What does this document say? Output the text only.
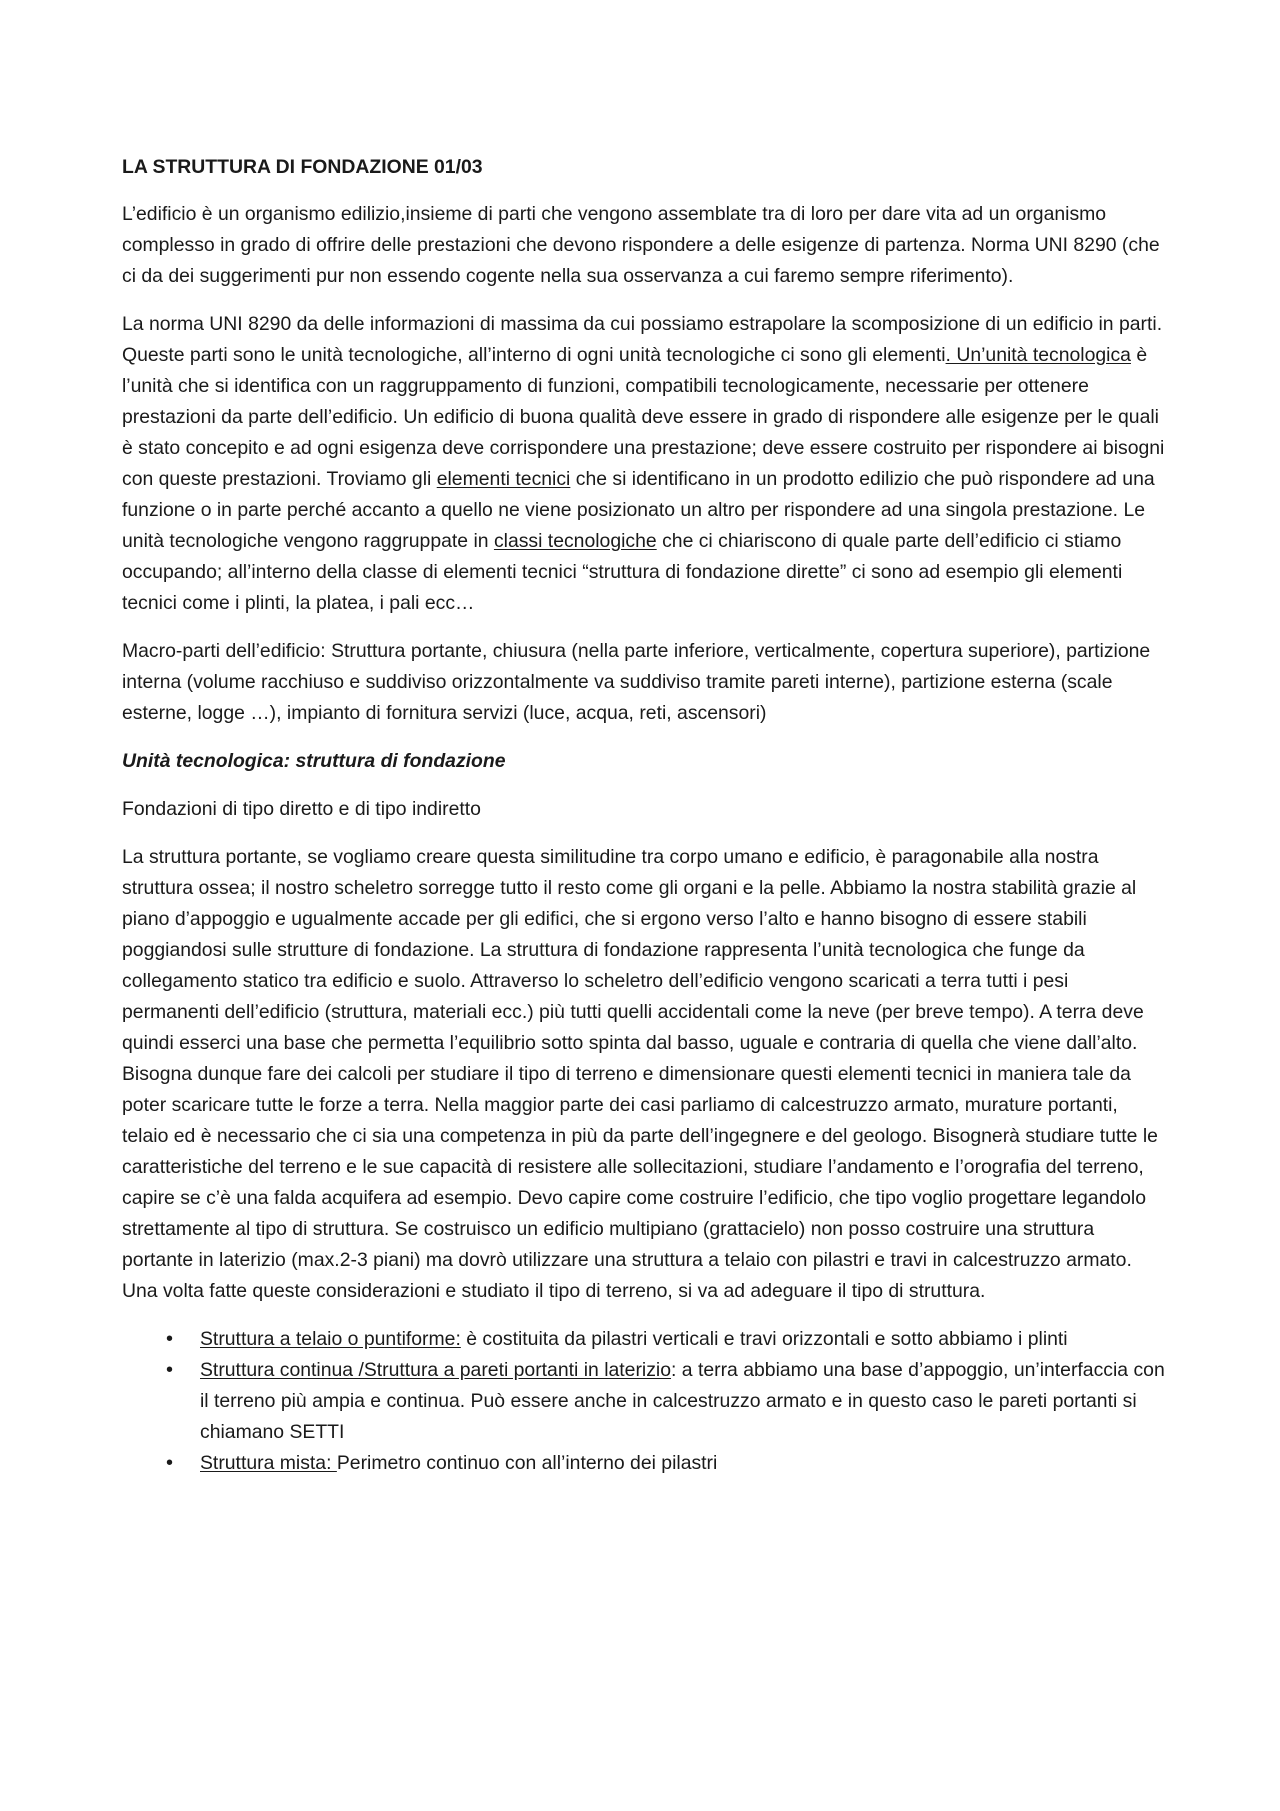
LA STRUTTURA DI FONDAZIONE 01/03

L’edificio è un organismo edilizio,insieme di parti che vengono assemblate tra di loro per dare vita ad un organismo complesso in grado di offrire delle prestazioni che devono rispondere a delle esigenze di partenza. Norma UNI 8290 (che ci da dei suggerimenti pur non essendo cogente nella sua osservanza a cui faremo sempre riferimento).

La norma UNI 8290 da delle informazioni di massima da cui possiamo estrapolare la scomposizione di un edificio in parti. Queste parti sono le unità tecnologiche, all’interno di ogni unità tecnologiche ci sono gli elementi. Un’unità tecnologica è l’unità che si identifica con un raggruppamento di funzioni, compatibili tecnologicamente, necessarie per ottenere prestazioni da parte dell’edificio. Un edificio di buona qualità deve essere in grado di rispondere alle esigenze per le quali è stato concepito e ad ogni esigenza deve corrispondere una prestazione; deve essere costruito per rispondere ai bisogni con queste prestazioni. Troviamo gli elementi tecnici che si identificano in un prodotto edilizio che può rispondere ad una funzione o in parte perché accanto a quello ne viene posizionato un altro per rispondere ad una singola prestazione. Le unità tecnologiche vengono raggruppate in classi tecnologiche che ci chiariscono di quale parte dell’edificio ci stiamo occupando; all’interno della classe di elementi tecnici “struttura di fondazione dirette” ci sono ad esempio gli elementi tecnici come i plinti, la platea, i pali ecc…

Macro-parti dell’edificio: Struttura portante, chiusura (nella parte inferiore, verticalmente, copertura superiore), partizione interna (volume racchiuso e suddiviso orizzontalmente va suddiviso tramite pareti interne), partizione esterna (scale esterne, logge …), impianto di fornitura servizi (luce, acqua, reti, ascensori)

Unità tecnologica: struttura di fondazione

Fondazioni di tipo diretto e di tipo indiretto

La struttura portante, se vogliamo creare questa similitudine tra corpo umano e edificio, è paragonabile alla nostra struttura ossea; il nostro scheletro sorregge tutto il resto come gli organi e la pelle. Abbiamo la nostra stabilità grazie al piano d’appoggio e ugualmente accade per gli edifici, che si ergono verso l’alto e hanno bisogno di essere stabili poggiandosi sulle strutture di fondazione. La struttura di fondazione rappresenta l’unità tecnologica che funge da collegamento statico tra edificio e suolo. Attraverso lo scheletro dell’edificio vengono scaricati a terra tutti i pesi permanenti dell’edificio (struttura, materiali ecc.) più tutti quelli accidentali come la neve (per breve tempo). A terra deve quindi esserci una base che permetta l’equilibrio sotto spinta dal basso, uguale e contraria di quella che viene dall’alto. Bisogna dunque fare dei calcoli per studiare il tipo di terreno e dimensionare questi elementi tecnici in maniera tale da poter scaricare tutte le forze a terra. Nella maggior parte dei casi parliamo di calcestruzzo armato, murature portanti, telaio ed è necessario che ci sia una competenza in più da parte dell’ingegnere e del geologo. Bisognerà studiare tutte le caratteristiche del terreno e le sue capacità di resistere alle sollecitazioni, studiare l’andamento e l’orografia del terreno, capire se c’è una falda acquifera ad esempio. Devo capire come costruire l’edificio, che tipo voglio progettare legandolo strettamente al tipo di struttura. Se costruisco un edificio multipiano (grattacielo) non posso costruire una struttura portante in laterizio (max.2-3 piani) ma dovrò utilizzare una struttura a telaio con pilastri e travi in calcestruzzo armato. Una volta fatte queste considerazioni e studiato il tipo di terreno, si va ad adeguare il tipo di struttura.

• Struttura a telaio o puntiforme: è costituita da pilastri verticali e travi orizzontali e sotto abbiamo i plinti
• Struttura continua /Struttura a pareti portanti in laterizio: a terra abbiamo una base d’appoggio, un’interfaccia con il terreno più ampia e continua. Può essere anche in calcestruzzo armato e in questo caso le pareti portanti si chiamano SETTI
• Struttura mista: Perimetro continuo con all’interno dei pilastri
